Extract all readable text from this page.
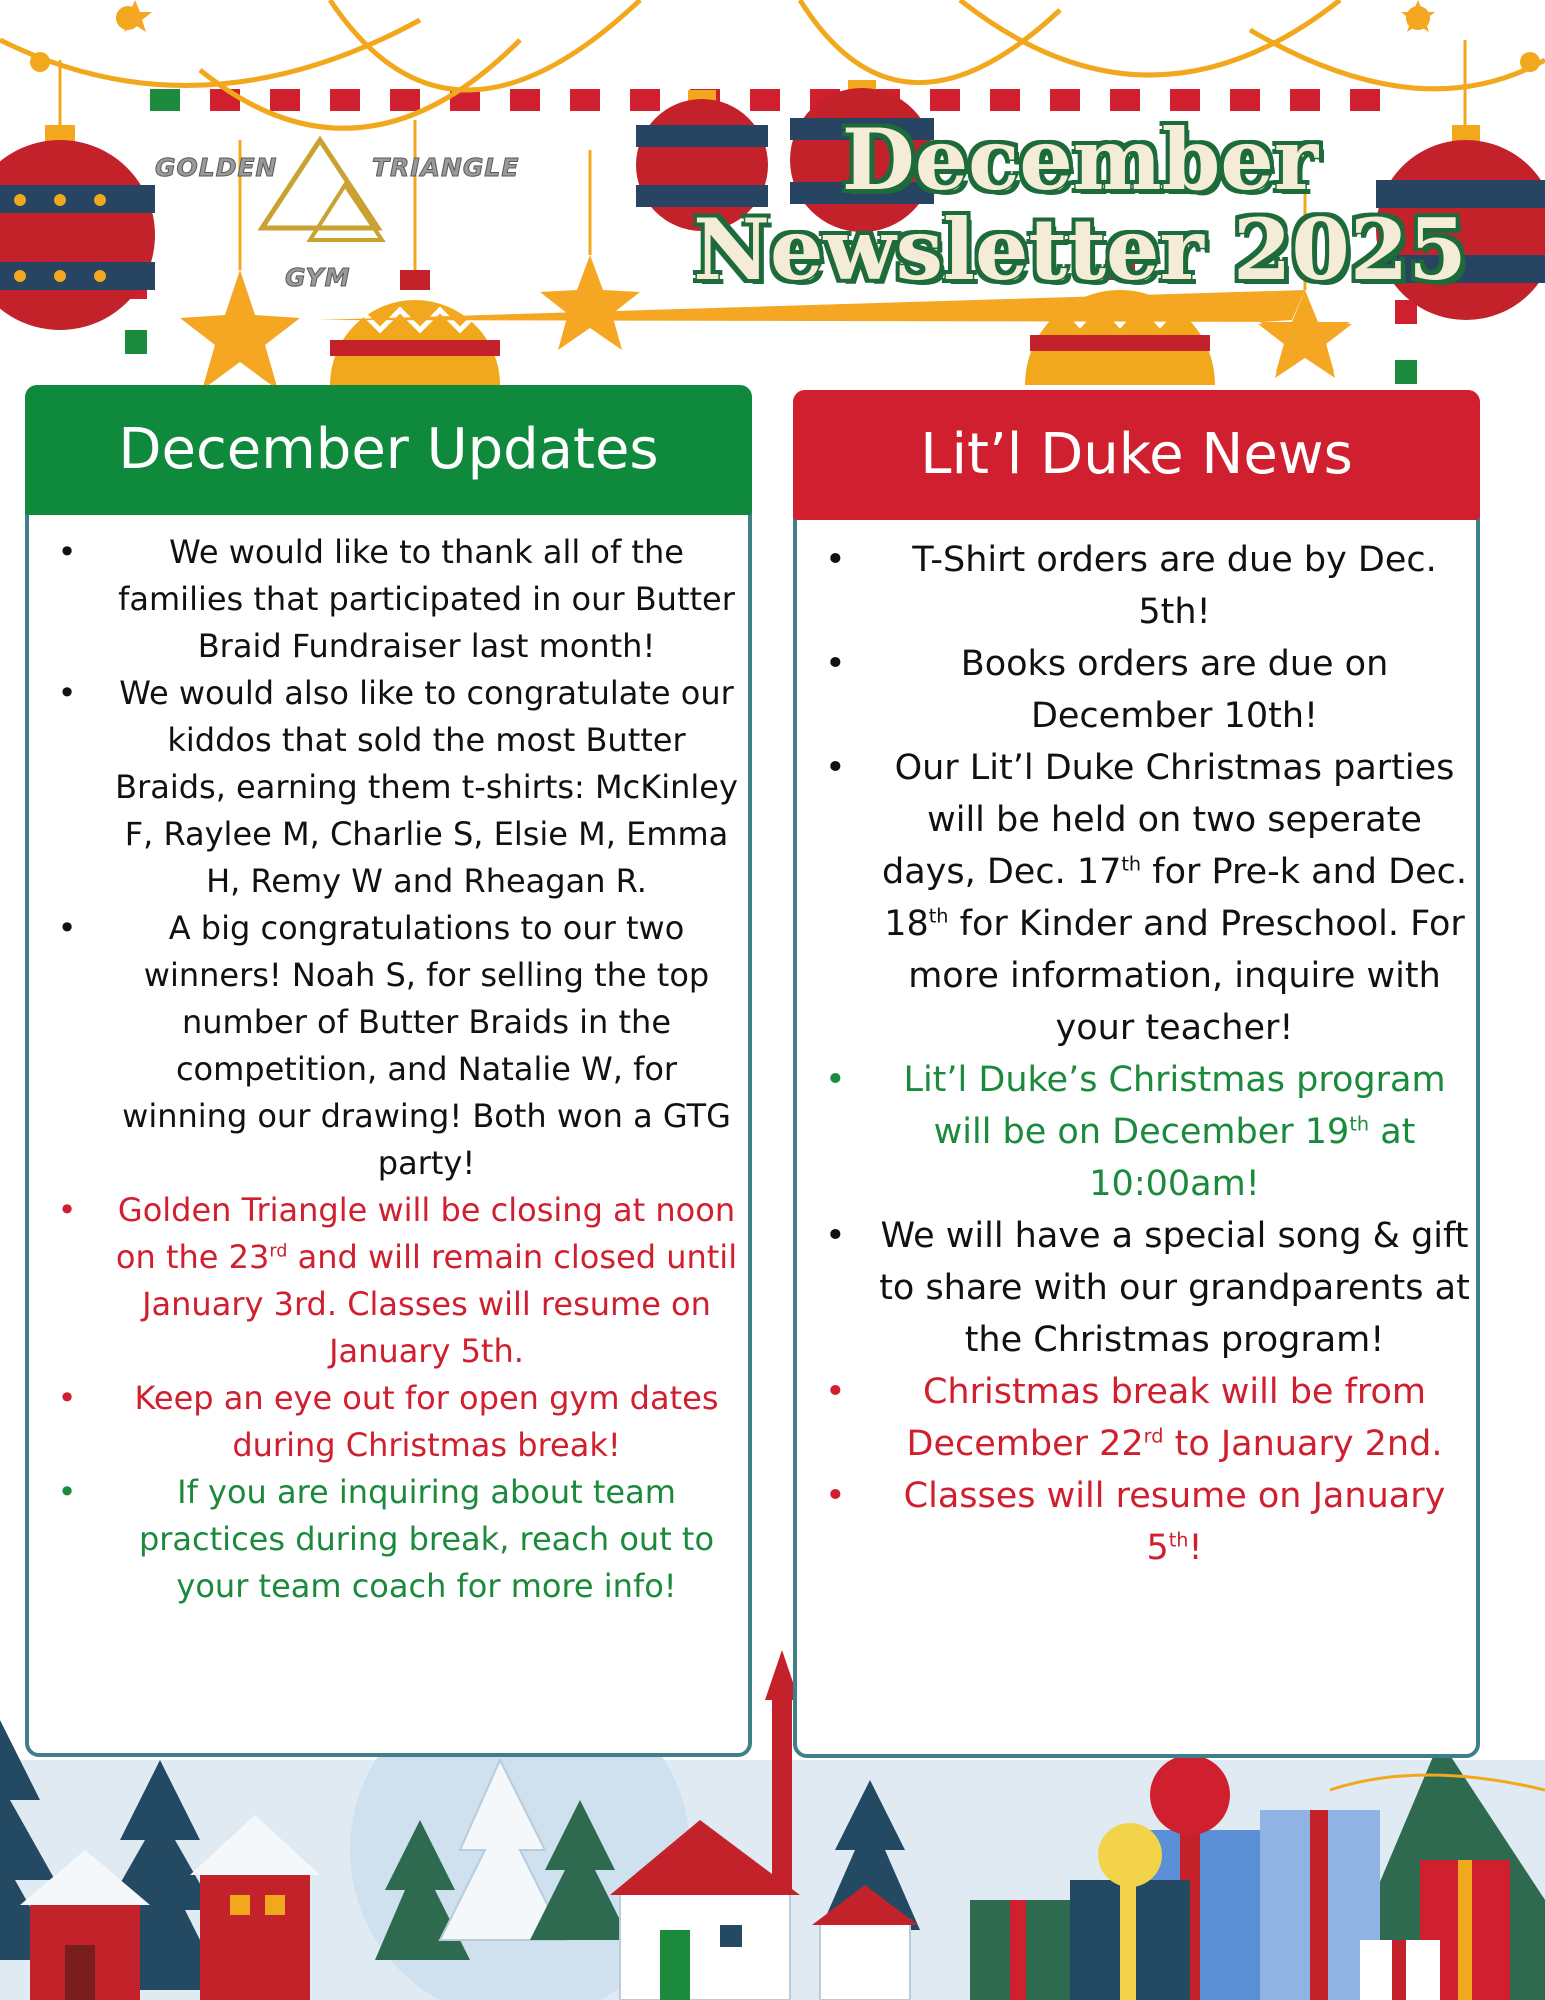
GOLDEN	TRIANGLE
GYM
December
Newsletter 2025
December Updates
•	We would like to thank all of the families that participated in our Butter Braid Fundraiser last month!
• We would also like to congratulate our kiddos that sold the most Butter Braids, earning them t-shirts: McKinley F, Raylee M, Charlie S, Elsie M, Emma H, Remy W and Rheagan R.
•	A big congratulations to our two winners! Noah S, for selling the top number of Butter Braids in the competition, and Natalie W, for winning our drawing! Both won a GTG party!
• Golden Triangle will be closing at noon on the 23rd and will remain closed until January 3rd. Classes will resume on January 5th.
• Keep an eye out for open gym dates during Christmas break!
•	If you are inquiring about team practices during break, reach out to your team coach for more info!
Lit’l Duke News
• T-Shirt orders are due by Dec. 5th!
•	Books orders are due on December 10th!
• Our Lit’l Duke Christmas parties will be held on two seperate days, Dec. 17th for Pre-k and Dec. 18th for Kinder and Preschool. For more information, inquire with your teacher!
• Lit’l Duke’s Christmas program will be on December 19th at 10:00am!
• We will have a special song & gift to share with our grandparents at the Christmas program!
• Christmas break will be from December 22rd to January 2nd.
• Classes will resume on January 5th!
